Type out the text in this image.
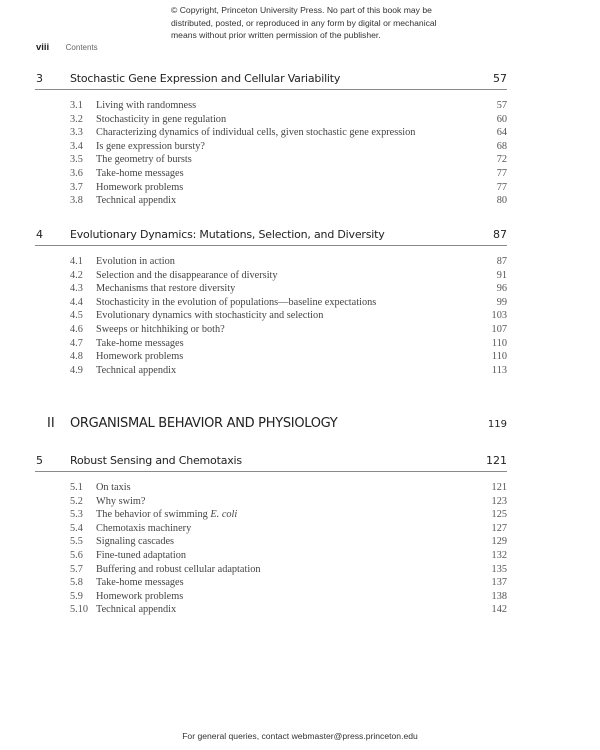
© Copyright, Princeton University Press. No part of this book may be
distributed, posted, or reproduced in any form by digital or mechanical
means without prior written permission of the publisher.
viii Contents
3 Stochastic Gene Expression and Cellular Variability	57
3.1 Living with randomness	57
3.2 Stochasticity in gene regulation	60
3.3 Characterizing dynamics of individual cells, given stochastic gene expression	64
3.4 Is gene expression bursty?	68
3.5 The geometry of bursts	72
3.6 Take-home messages	77
3.7 Homework problems	77
3.8 Technical appendix	80
4 Evolutionary Dynamics: Mutations, Selection, and Diversity	87
4.1 Evolution in action	87
4.2 Selection and the disappearance of diversity	91
4.3 Mechanisms that restore diversity	96
4.4 Stochasticity in the evolution of populations—baseline expectations	99
4.5 Evolutionary dynamics with stochasticity and selection	103
4.6 Sweeps or hitchhiking or both?	107
4.7 Take-home messages	110
4.8 Homework problems	110
4.9 Technical appendix	113
II ORGANISMAL BEHAVIOR AND PHYSIOLOGY	119
5 Robust Sensing and Chemotaxis	121
5.1 On taxis	121
5.2 Why swim?	123
5.3 The behavior of swimming E. coli	125
5.4 Chemotaxis machinery	127
5.5 Signaling cascades	129
5.6 Fine-tuned adaptation	132
5.7 Buffering and robust cellular adaptation	135
5.8 Take-home messages	137
5.9 Homework problems	138
5.10 Technical appendix	142
For general queries, contact webmaster@press.princeton.edu
